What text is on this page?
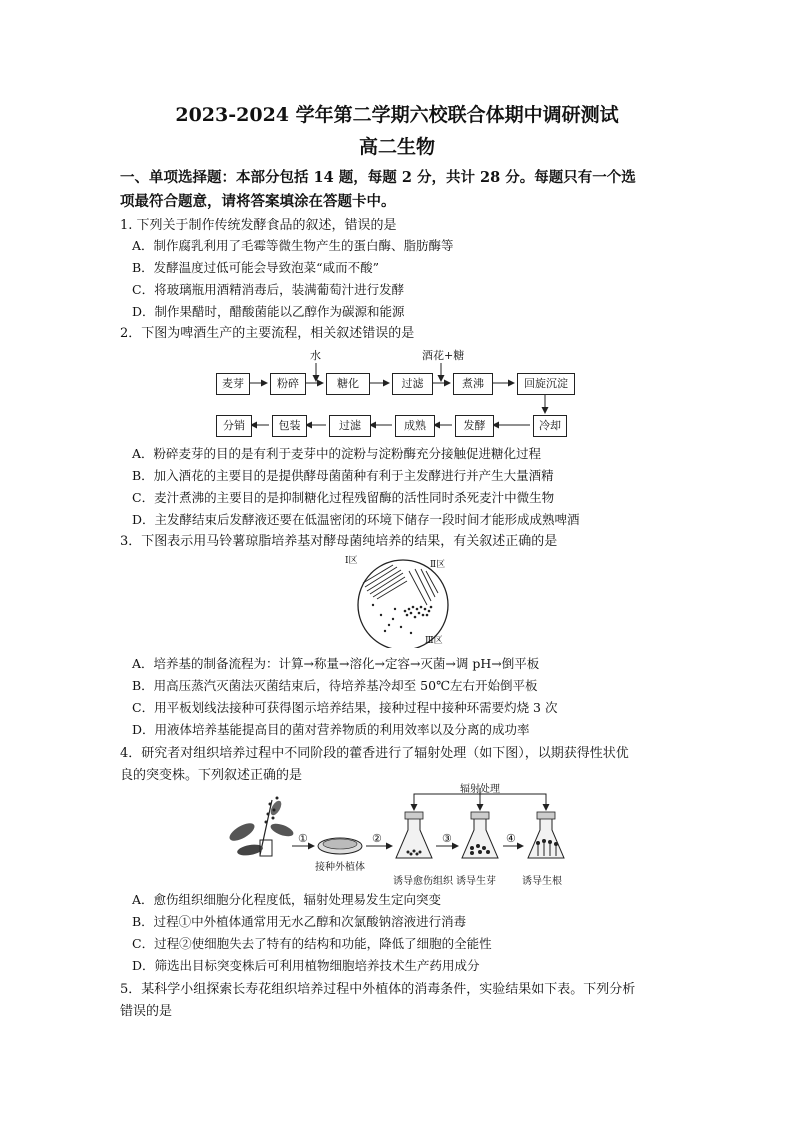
2023-2024 学年第二学期六校联合体期中调研测试
高二生物
一、单项选择题：本部分包括 14 题，每题 2 分，共计 28 分。每题只有一个选
项最符合题意，请将答案填涂在答题卡中。
1. 下列关于制作传统发酵食品的叙述，错误的是
A．制作腐乳利用了毛霉等微生物产生的蛋白酶、脂肪酶等
B．发酵温度过低可能会导致泡菜“咸而不酸”
C．将玻璃瓶用酒精消毒后，装满葡萄汁进行发酵
D．制作果醋时，醋酸菌能以乙醇作为碳源和能源
2．下图为啤酒生产的主要流程，相关叙述错误的是
水	酒花+糖
麦芽	粉碎	糖化	过滤	煮沸	回旋沉淀
分销	包装	过滤	成熟	发酵	冷却
A．粉碎麦芽的目的是有利于麦芽中的淀粉与淀粉酶充分接触促进糖化过程
B．加入酒花的主要目的是提供酵母菌菌种有利于主发酵进行并产生大量酒精
C．麦汁煮沸的主要目的是抑制糖化过程残留酶的活性同时杀死麦汁中微生物
D．主发酵结束后发酵液还要在低温密闭的环境下储存一段时间才能形成成熟啤酒
3．下图表示用马铃薯琼脂培养基对酵母菌纯培养的结果，有关叙述正确的是
Ⅰ区	Ⅱ区
Ⅲ区
A．培养基的制备流程为：计算→称量→溶化→定容→灭菌→调 pH→倒平板
B．用高压蒸汽灭菌法灭菌结束后，待培养基冷却至 50℃左右开始倒平板
C．用平板划线法接种可获得图示培养结果，接种过程中接种环需要灼烧 3 次
D．用液体培养基能提高目的菌对营养物质的利用效率以及分离的成功率
4．研究者对组织培养过程中不同阶段的藿香进行了辐射处理（如下图），以期获得性状优
良的突变株。下列叙述正确的是
辐射处理
①	②	③	④
接种外植体
诱导愈伤组织 诱导生芽	诱导生根
A．愈伤组织细胞分化程度低，辐射处理易发生定向突变
B．过程①中外植体通常用无水乙醇和次氯酸钠溶液进行消毒
C．过程②使细胞失去了特有的结构和功能，降低了细胞的全能性
D．筛选出目标突变株后可利用植物细胞培养技术生产药用成分
5．某科学小组探索长寿花组织培养过程中外植体的消毒条件，实验结果如下表。下列分析
错误的是
